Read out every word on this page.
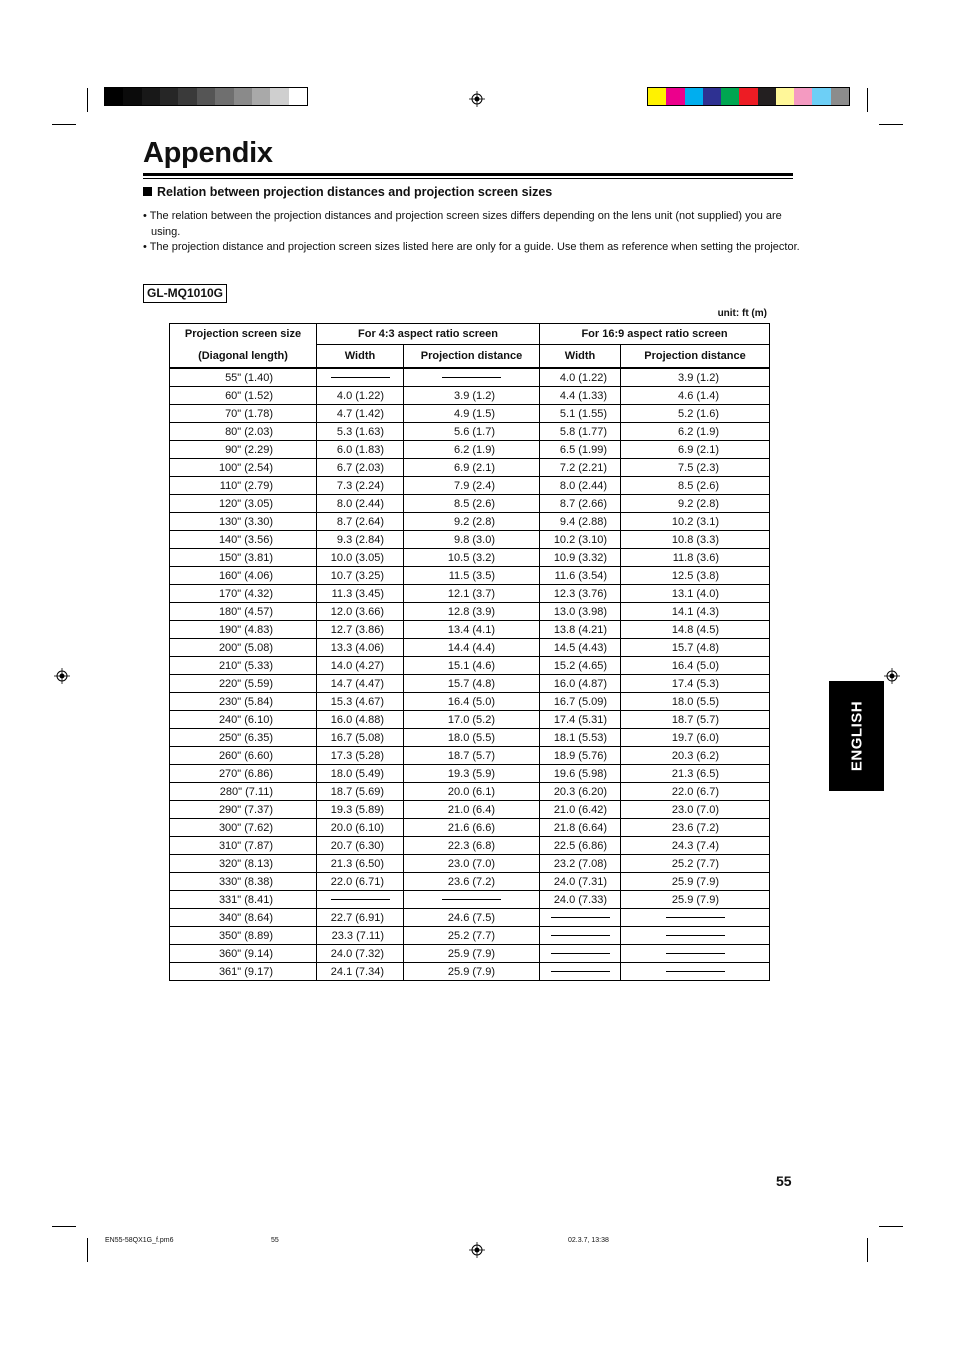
Appendix
Relation between projection distances and projection screen sizes
• The relation between the projection distances and projection screen sizes differs depending on the lens unit (not supplied) you are using.
• The projection distance and projection screen sizes listed here are only for a guide. Use them as reference when setting the projector.
GL-MQ1010G
unit: ft (m)
Projection screen size	For 4:3 aspect ratio screen		For 16:9 aspect ratio screen	
(Diagonal length)	Width	Projection distance	Width	Projection distance
55" (1.40)			4.0 (1.22)	3.9 (1.2)
60" (1.52)	4.0 (1.22)	3.9 (1.2)	4.4 (1.33)	4.6 (1.4)
70" (1.78)	4.7 (1.42)	4.9 (1.5)	5.1 (1.55)	5.2 (1.6)
80" (2.03)	5.3 (1.63)	5.6 (1.7)	5.8 (1.77)	6.2 (1.9)
90" (2.29)	6.0 (1.83)	6.2 (1.9)	6.5 (1.99)	6.9 (2.1)
100" (2.54)	6.7 (2.03)	6.9 (2.1)	7.2 (2.21)	7.5 (2.3)
110" (2.79)	7.3 (2.24)	7.9 (2.4)	8.0 (2.44)	8.5 (2.6)
120" (3.05)	8.0 (2.44)	8.5 (2.6)	8.7 (2.66)	9.2 (2.8)
130" (3.30)	8.7 (2.64)	9.2 (2.8)	9.4 (2.88)	10.2 (3.1)
140" (3.56)	9.3 (2.84)	9.8 (3.0)	10.2 (3.10)	10.8 (3.3)
150" (3.81)	10.0 (3.05)	10.5 (3.2)	10.9 (3.32)	11.8 (3.6)
160" (4.06)	10.7 (3.25)	11.5 (3.5)	11.6 (3.54)	12.5 (3.8)
170" (4.32)	11.3 (3.45)	12.1 (3.7)	12.3 (3.76)	13.1 (4.0)
180" (4.57)	12.0 (3.66)	12.8 (3.9)	13.0 (3.98)	14.1 (4.3)
190" (4.83)	12.7 (3.86)	13.4 (4.1)	13.8 (4.21)	14.8 (4.5)
200" (5.08)	13.3 (4.06)	14.4 (4.4)	14.5 (4.43)	15.7 (4.8)
210" (5.33)	14.0 (4.27)	15.1 (4.6)	15.2 (4.65)	16.4 (5.0)
220" (5.59)	14.7 (4.47)	15.7 (4.8)	16.0 (4.87)	17.4 (5.3)
230" (5.84)	15.3 (4.67)	16.4 (5.0)	16.7 (5.09)	18.0 (5.5)
240" (6.10)	16.0 (4.88)	17.0 (5.2)	17.4 (5.31)	18.7 (5.7)
250" (6.35)	16.7 (5.08)	18.0 (5.5)	18.1 (5.53)	19.7 (6.0)
260" (6.60)	17.3 (5.28)	18.7 (5.7)	18.9 (5.76)	20.3 (6.2)
270" (6.86)	18.0 (5.49)	19.3 (5.9)	19.6 (5.98)	21.3 (6.5)
280" (7.11)	18.7 (5.69)	20.0 (6.1)	20.3 (6.20)	22.0 (6.7)
290" (7.37)	19.3 (5.89)	21.0 (6.4)	21.0 (6.42)	23.0 (7.0)
300" (7.62)	20.0 (6.10)	21.6 (6.6)	21.8 (6.64)	23.6 (7.2)
310" (7.87)	20.7 (6.30)	22.3 (6.8)	22.5 (6.86)	24.3 (7.4)
320" (8.13)	21.3 (6.50)	23.0 (7.0)	23.2 (7.08)	25.2 (7.7)
330" (8.38)	22.0 (6.71)	23.6 (7.2)	24.0 (7.31)	25.9 (7.9)
331" (8.41)			24.0 (7.33)	25.9 (7.9)
340" (8.64)	22.7 (6.91)	24.6 (7.5)		
350" (8.89)	23.3 (7.11)	25.2 (7.7)		
360" (9.14)	24.0 (7.32)	25.9 (7.9)		
361" (9.17)	24.1 (7.34)	25.9 (7.9)		
ENGLISH
55
EN55-58QX1G_f.pm6	55	02.3.7, 13:38
